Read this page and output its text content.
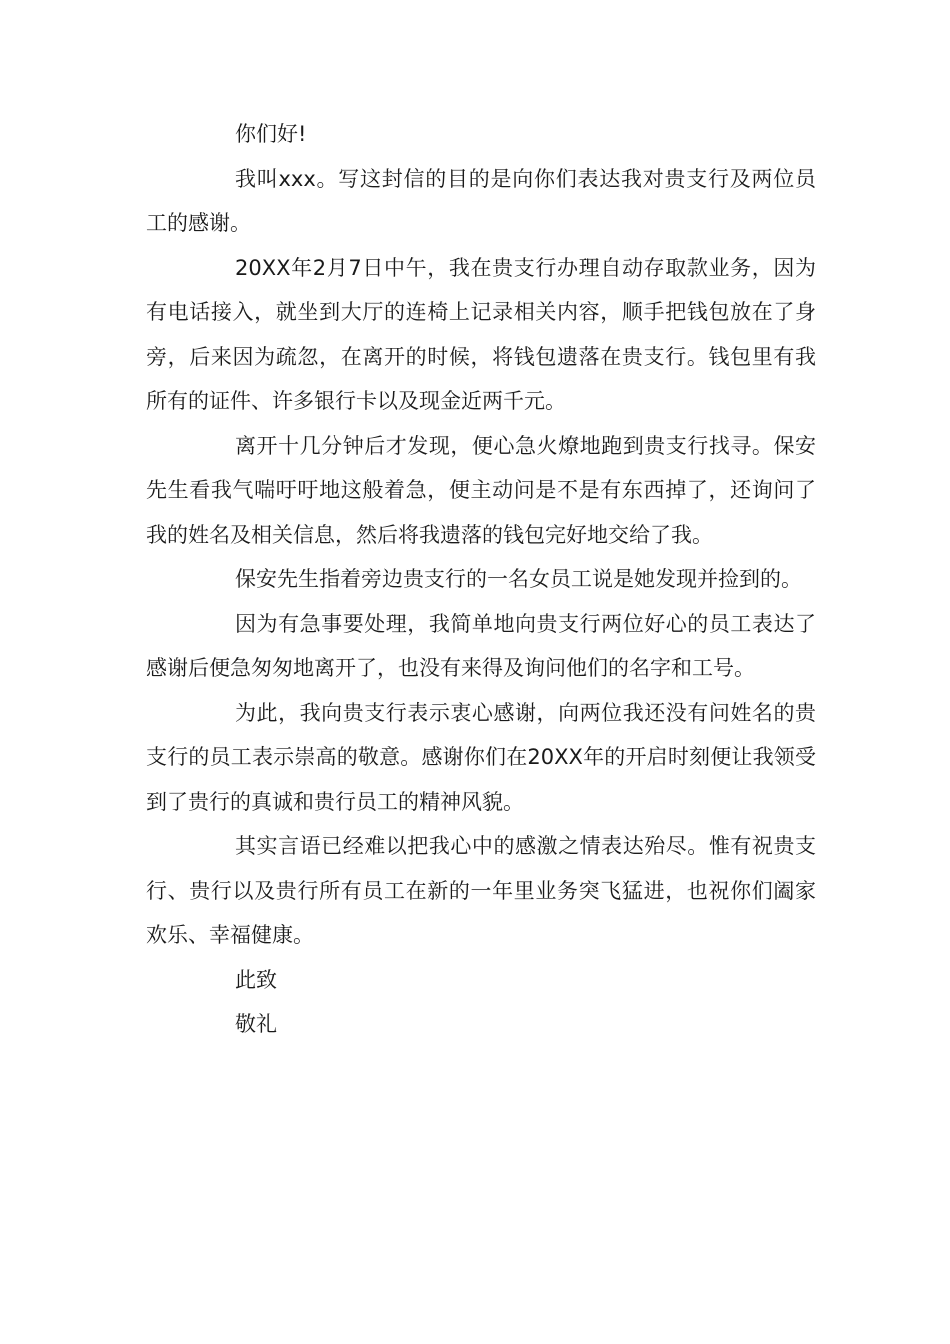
你们好!

我叫xxx。写这封信的目的是向你们表达我对贵支行及两位员工的感谢。

20XX年2月7日中午，我在贵支行办理自动存取款业务，因为有电话接入，就坐到大厅的连椅上记录相关内容，顺手把钱包放在了身旁，后来因为疏忽，在离开的时候，将钱包遗落在贵支行。钱包里有我所有的证件、许多银行卡以及现金近两千元。

离开十几分钟后才发现，便心急火燎地跑到贵支行找寻。保安先生看我气喘吁吁地这般着急，便主动问是不是有东西掉了，还询问了我的姓名及相关信息，然后将我遗落的钱包完好地交给了我。

保安先生指着旁边贵支行的一名女员工说是她发现并捡到的。

因为有急事要处理，我简单地向贵支行两位好心的员工表达了感谢后便急匆匆地离开了，也没有来得及询问他们的名字和工号。

为此，我向贵支行表示衷心感谢，向两位我还没有问姓名的贵支行的员工表示崇高的敬意。感谢你们在20XX年的开启时刻便让我领受到了贵行的真诚和贵行员工的精神风貌。

其实言语已经难以把我心中的感激之情表达殆尽。惟有祝贵支行、贵行以及贵行所有员工在新的一年里业务突飞猛进，也祝你们阖家欢乐、幸福健康。

此致

敬礼
